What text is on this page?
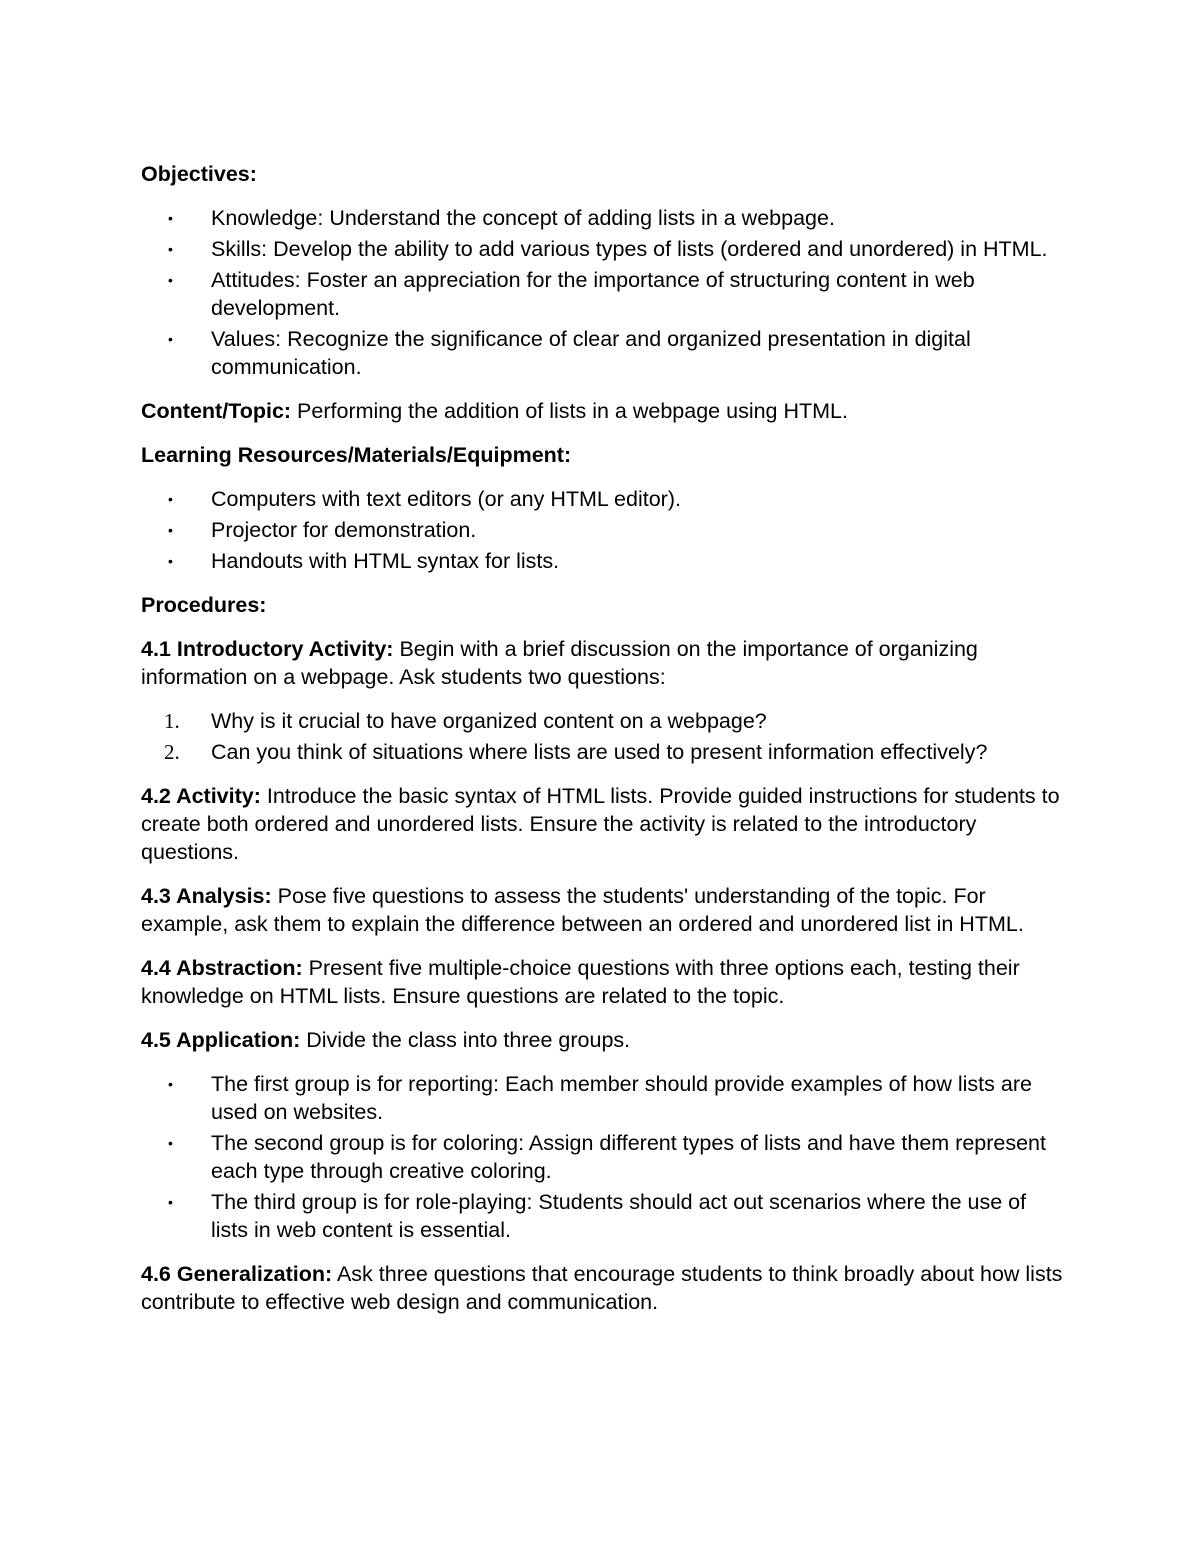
Objectives:
• Knowledge: Understand the concept of adding lists in a webpage.
• Skills: Develop the ability to add various types of lists (ordered and unordered) in HTML.
• Attitudes: Foster an appreciation for the importance of structuring content in web development.
• Values: Recognize the significance of clear and organized presentation in digital communication.

Content/Topic: Performing the addition of lists in a webpage using HTML.

Learning Resources/Materials/Equipment:
• Computers with text editors (or any HTML editor).
• Projector for demonstration.
• Handouts with HTML syntax for lists.
Procedures:

4.1 Introductory Activity: Begin with a brief discussion on the importance of organizing information on a webpage. Ask students two questions:

1. Why is it crucial to have organized content on a webpage?
2. Can you think of situations where lists are used to present information effectively?

4.2 Activity: Introduce the basic syntax of HTML lists. Provide guided instructions for students to create both ordered and unordered lists. Ensure the activity is related to the introductory questions.

4.3 Analysis: Pose five questions to assess the students' understanding of the topic. For example, ask them to explain the difference between an ordered and unordered list in HTML.

4.4 Abstraction: Present five multiple-choice questions with three options each, testing their knowledge on HTML lists. Ensure questions are related to the topic.

4.5 Application: Divide the class into three groups.

• The first group is for reporting: Each member should provide examples of how lists are used on websites.
• The second group is for coloring: Assign different types of lists and have them represent each type through creative coloring.
• The third group is for role-playing: Students should act out scenarios where the use of lists in web content is essential.

4.6 Generalization: Ask three questions that encourage students to think broadly about how lists contribute to effective web design and communication.
